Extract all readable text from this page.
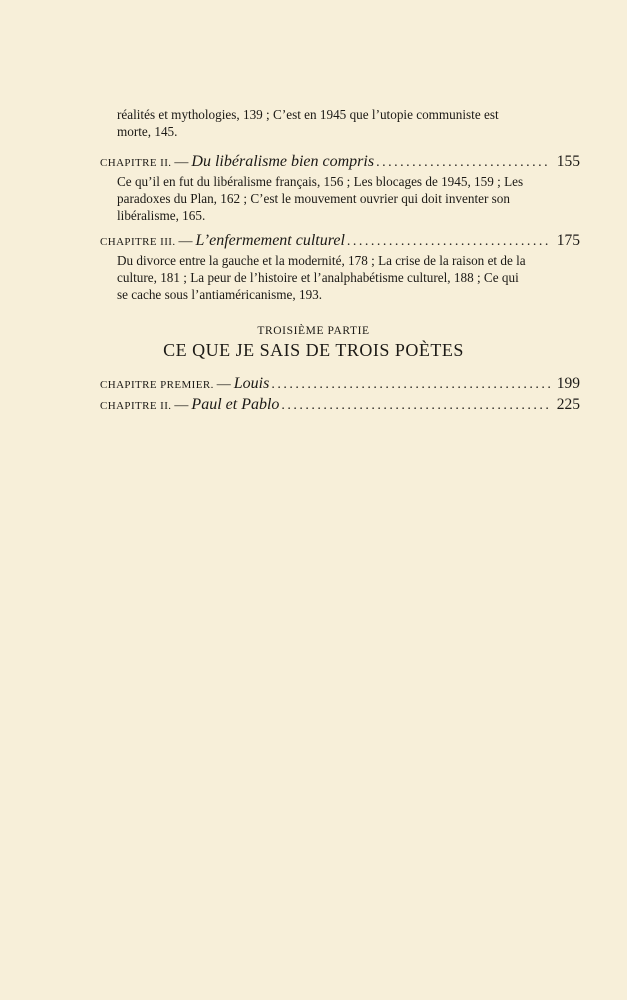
réalités et mythologies, 139 ; C’est en 1945 que l’utopie communiste est morte, 145.
CHAPITRE II. — Du libéralisme bien compris .....	155
Ce qu’il en fut du libéralisme français, 156 ; Les blocages de 1945, 159 ; Les paradoxes du Plan, 162 ; C’est le mouvement ouvrier qui doit inventer son libéralisme, 165.
CHAPITRE III. — L’enfermement culturel .....	175
Du divorce entre la gauche et la modernité, 178 ; La crise de la raison et de la culture, 181 ; La peur de l’histoire et l’analphabétisme culturel, 188 ; Ce qui se cache sous l’antiaméricanisme, 193.
TROISIÈME PARTIE
CE QUE JE SAIS DE TROIS POÈTES
CHAPITRE PREMIER. — Louis .....	199
CHAPITRE II. — Paul et Pablo .....	225
